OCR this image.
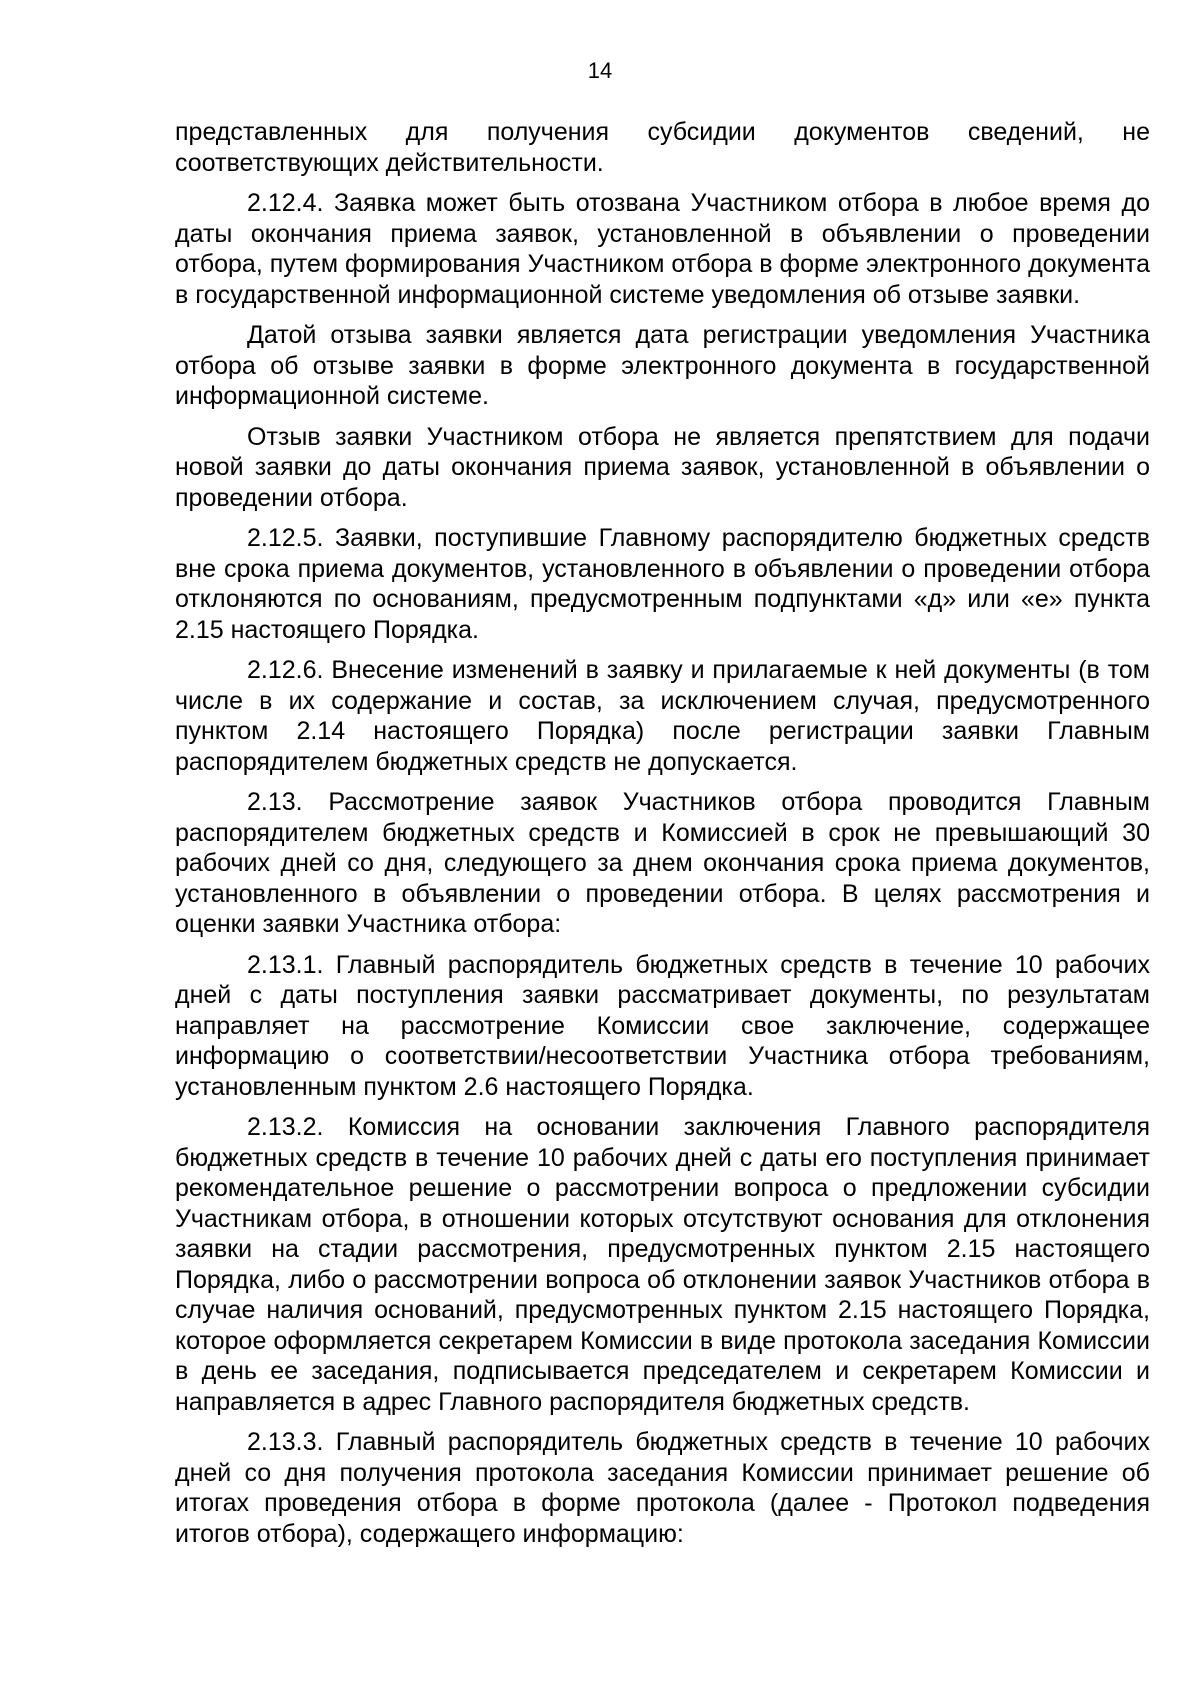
14

представленных для получения субсидии документов сведений, не соответствующих действительности.

2.12.4. Заявка может быть отозвана Участником отбора в любое время до даты окончания приема заявок, установленной в объявлении о проведении отбора, путем формирования Участником отбора в форме электронного документа в государственной информационной системе уведомления об отзыве заявки.

Датой отзыва заявки является дата регистрации уведомления Участника отбора об отзыве заявки в форме электронного документа в государственной информационной системе.

Отзыв заявки Участником отбора не является препятствием для подачи новой заявки до даты окончания приема заявок, установленной в объявлении о проведении отбора.

2.12.5. Заявки, поступившие Главному распорядителю бюджетных средств вне срока приема документов, установленного в объявлении о проведении отбора отклоняются по основаниям, предусмотренным подпунктами «д» или «е» пункта 2.15 настоящего Порядка.

2.12.6. Внесение изменений в заявку и прилагаемые к ней документы (в том числе в их содержание и состав, за исключением случая, предусмотренного пунктом 2.14 настоящего Порядка) после регистрации заявки Главным распорядителем бюджетных средств не допускается.

2.13. Рассмотрение заявок Участников отбора проводится Главным распорядителем бюджетных средств и Комиссией в срок не превышающий 30 рабочих дней со дня, следующего за днем окончания срока приема документов, установленного в объявлении о проведении отбора. В целях рассмотрения и оценки заявки Участника отбора:

2.13.1. Главный распорядитель бюджетных средств в течение 10 рабочих дней с даты поступления заявки рассматривает документы, по результатам направляет на рассмотрение Комиссии свое заключение, содержащее информацию о соответствии/несоответствии Участника отбора требованиям, установленным пунктом 2.6 настоящего Порядка.

2.13.2. Комиссия на основании заключения Главного распорядителя бюджетных средств в течение 10 рабочих дней с даты его поступления принимает рекомендательное решение о рассмотрении вопроса о предложении субсидии Участникам отбора, в отношении которых отсутствуют основания для отклонения заявки на стадии рассмотрения, предусмотренных пунктом 2.15 настоящего Порядка, либо о рассмотрении вопроса об отклонении заявок Участников отбора в случае наличия оснований, предусмотренных пунктом 2.15 настоящего Порядка, которое оформляется секретарем Комиссии в виде протокола заседания Комиссии в день ее заседания, подписывается председателем и секретарем Комиссии и направляется в адрес Главного распорядителя бюджетных средств.

2.13.3. Главный распорядитель бюджетных средств в течение 10 рабочих дней со дня получения протокола заседания Комиссии принимает решение об итогах проведения отбора в форме протокола (далее - Протокол подведения итогов отбора), содержащего информацию:
